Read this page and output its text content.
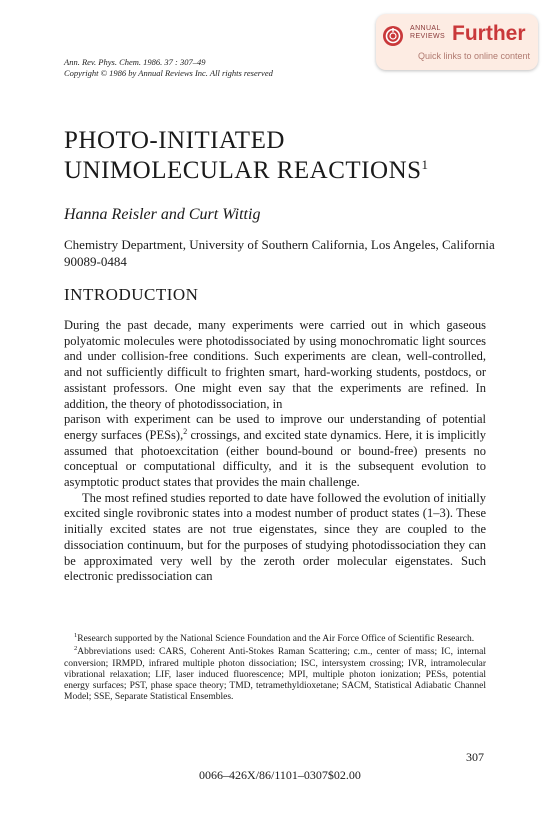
ANNUAL
REVIEWS Further
Quick links to online content
Ann. Rev. Phys. Chem. 1986. 37 : 307–49
Copyright © 1986 by Annual Reviews Inc. All rights reserved
PHOTO-INITIATED
UNIMOLECULAR REACTIONS$^1$
Hanna Reisler and Curt Wittig
Chemistry Department, University of Southern California, Los Angeles, California 90089-0484
INTRODUCTION

During the past decade, many experiments were carried out in which gaseous polyatomic molecules were photodissociated by using monochromatic light sources and under collision-free conditions. Such experiments are clean, well-controlled, and not sufficiently difficult to frighten smart, hard-working students, postdocs, or assistant professors. One might even say that the experiments are refined. In addition, the theory of photodissociation, in
parison with experiment can be used to improve our understanding of potential energy surfaces (PESs),$^2$ crossings, and excited state dynamics. Here, it is implicitly assumed that photoexcitation (either bound-bound or bound-free) presents no conceptual or computational difficulty, and it is the subsequent evolution to asymptotic product states that provides the main challenge.

The most refined studies reported to date have followed the evolution of initially excited single rovibronic states into a modest number of product states (1–3). These initially excited states are not true eigenstates, since they are coupled to the dissociation continuum, but for the purposes of studying photodissociation they can be approximated very well by the zeroth order molecular eigenstates. Such electronic predissociation can

$^1$Research supported by the National Science Foundation and the Air Force Office of Scientific Research.

$^2$Abbreviations used: CARS, Coherent Anti-Stokes Raman Scattering; c.m., center of mass; IC, internal conversion; IRMPD, infrared multiple photon dissociation; ISC, intersystem crossing; IVR, intramolecular vibrational relaxation; LIF, laser induced fluorescence; MPI, multiple photon ionization; PESs, potential energy surfaces; PST, phase space theory; TMD, tetramethyldioxetane; SACM, Statistical Adiabatic Channel Model; SSE, Separate Statistical Ensembles.

307
0066–426X/86/1101–0307$02.00
